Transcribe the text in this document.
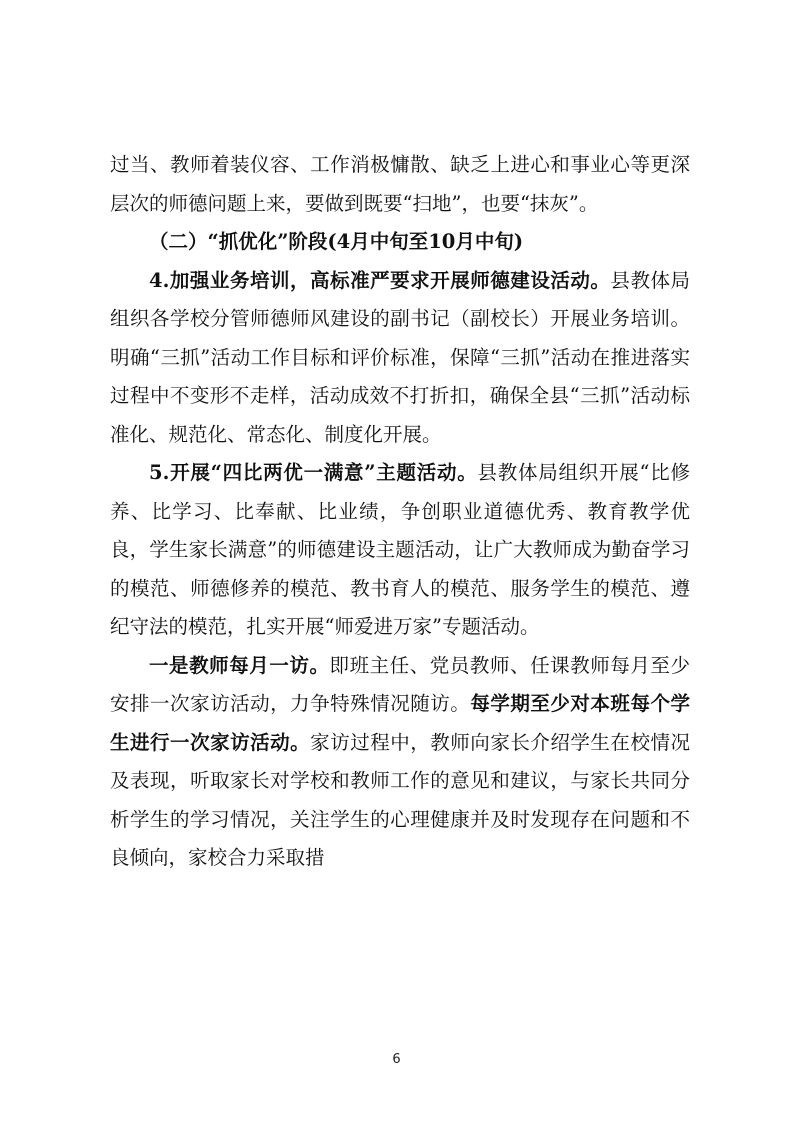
过当、教师着装仪容、工作消极慵散、缺乏上进心和事业心等更深层次的师德问题上来，要做到既要“扫地”，也要“抹灰”。

（二）“抓优化”阶段(4月中旬至10月中旬)

4.加强业务培训，高标准严要求开展师德建设活动。县教体局组织各学校分管师德师风建设的副书记（副校长）开展业务培训。明确“三抓”活动工作目标和评价标准，保障“三抓”活动在推进落实过程中不变形不走样，活动成效不打折扣，确保全县“三抓”活动标准化、规范化、常态化、制度化开展。

5.开展“四比两优一满意”主题活动。县教体局组织开展“比修养、比学习、比奉献、比业绩，争创职业道德优秀、教育教学优良，学生家长满意”的师德建设主题活动，让广大教师成为勤奋学习的模范、师德修养的模范、教书育人的模范、服务学生的模范、遵纪守法的模范，扎实开展“师爱进万家”专题活动。

一是教师每月一访。即班主任、党员教师、任课教师每月至少安排一次家访活动，力争特殊情况随访。每学期至少对本班每个学生进行一次家访活动。家访过程中，教师向家长介绍学生在校情况及表现，听取家长对学校和教师工作的意见和建议，与家长共同分析学生的学习情况，关注学生的心理健康并及时发现存在问题和不良倾向，家校合力采取措

6
